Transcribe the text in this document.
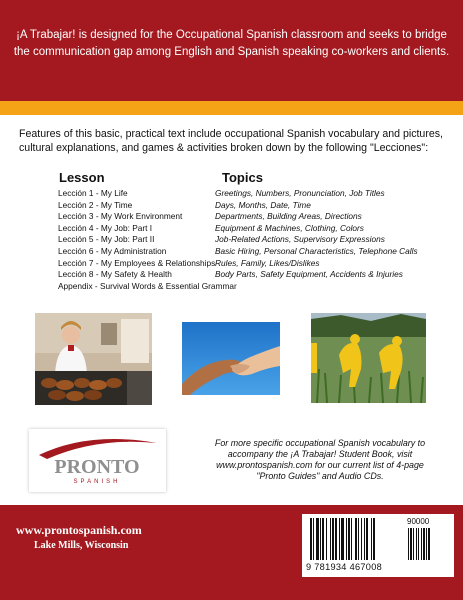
¡A Trabajar! is designed for the Occupational Spanish classroom and seeks to bridge the communication gap among English and Spanish speaking co-workers and clients.
Features of this basic, practical text include occupational Spanish vocabulary and pictures, cultural explanations, and games & activities broken down by the following "Lecciones":
Lesson	Topics
Lección 1 - My Life
Lección 2 - My Time
Lección 3 - My Work Environment
Lección 4 - My Job: Part I
Lección 5 - My Job: Part II
Lección 6 - My Administration
Lección 7 - My Employees & Relationships
Lección 8 - My Safety & Health
Appendix - Survival Words & Essential Grammar
Greetings, Numbers, Pronunciation, Job Titles
Days, Months, Date, Time
Departments, Building Areas, Directions
Equipment & Machines, Clothing, Colors
Job-Related Actions, Supervisory Expressions
Basic Hiring, Personal Characteristics, Telephone Calls
Rules, Family, Likes/Dislikes
Body Parts, Safety Equipment, Accidents & Injuries
PRONTO
SPANISH
For more specific occupational Spanish vocabulary to accompany the ¡A Trabajar! Student Book, visit www.prontospanish.com for our current list of 4-page "Pronto Guides" and Audio CDs.
www.prontospanish.com
Lake Mills, Wisconsin
90000
9 781934 467008
